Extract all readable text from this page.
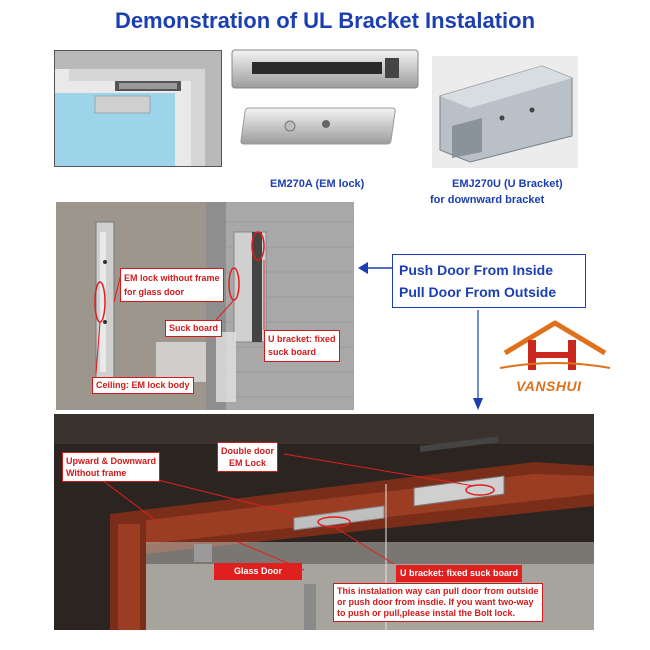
Demonstration of UL Bracket Instalation
EM270A (EM lock)	EMJ270U (U Bracket)
for downward bracket
EM lock without frame
for glass door
Suck board
U bracket: fixed
suck board
Ceiling: EM lock body
Push Door From Inside
Pull Door From Outside
VANSHUI
Upward & Downward
Without frame
Double door
EM Lock
Glass Door	U bracket: fixed suck board
This instalation way can pull door from outside
or push door from insdie. If you want two-way
to push or pull,please instal the Bolt lock.
